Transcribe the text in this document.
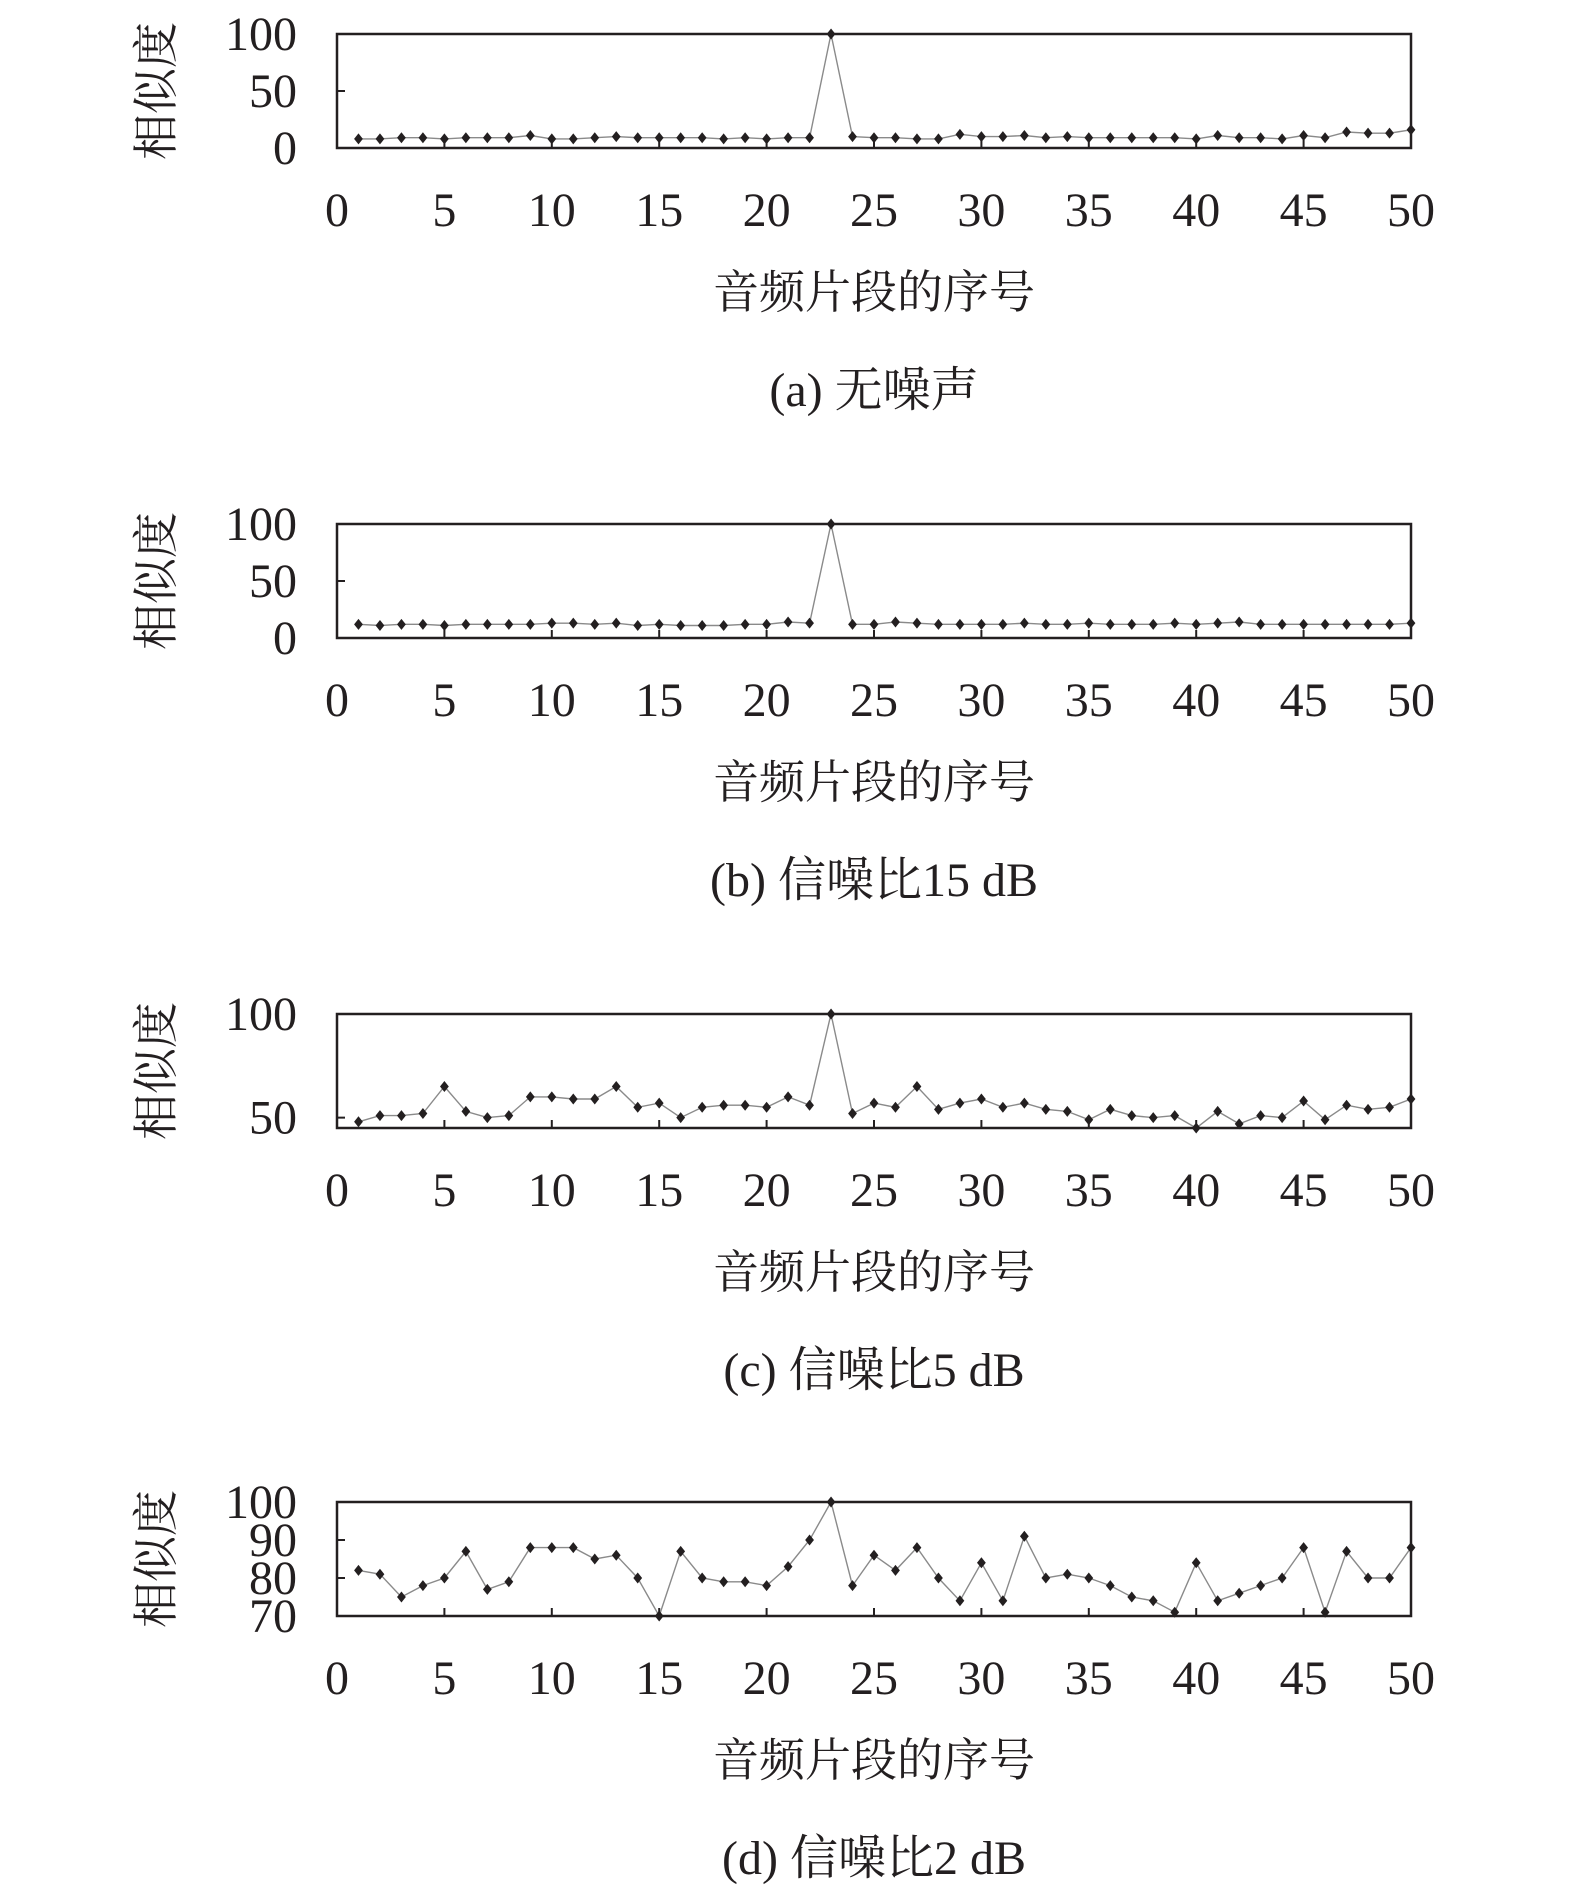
0 5 10 15 20 25 30 35 40 45 50
0
50
100
相似度
音频片段的序号
(a) 无噪声
0 5 10 15 20 25 30 35 40 45 50
0
50
100
相似度
音频片段的序号
(b) 信噪比15 dB
0 5 10 15 20 25 30 35 40 45 50
50
100
相似度
音频片段的序号
(c) 信噪比5 dB
0 5 10 15 20 25 30 35 40 45 50
70
80
90
100
相似度
音频片段的序号
(d) 信噪比2 dB
